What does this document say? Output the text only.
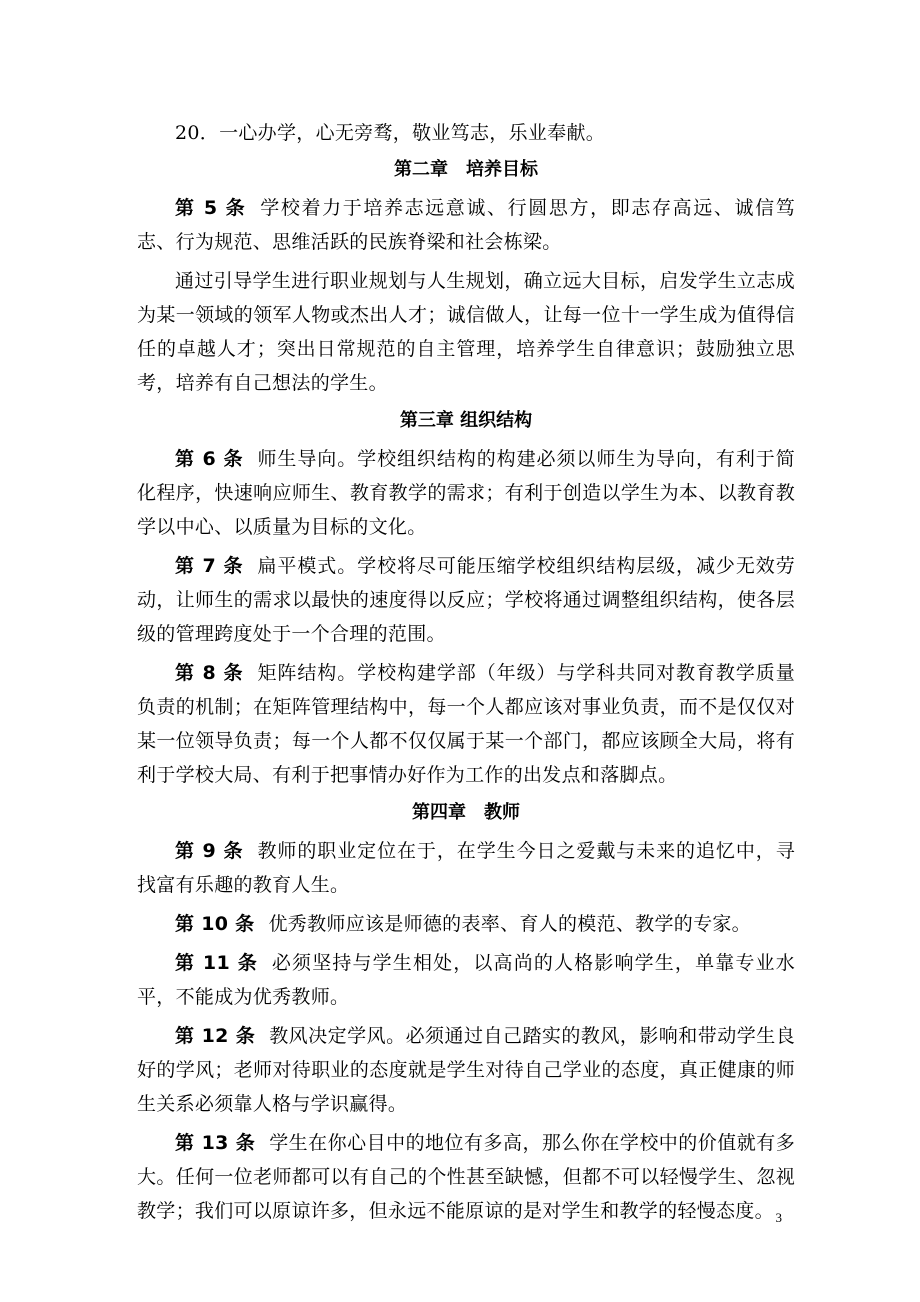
20．一心办学，心无旁骛，敬业笃志，乐业奉献。

第二章　培养目标

第 5 条 学校着力于培养志远意诚、行圆思方，即志存高远、诚信笃志、行为规范、思维活跃的民族脊梁和社会栋梁。

通过引导学生进行职业规划与人生规划，确立远大目标，启发学生立志成为某一领域的领军人物或杰出人才；诚信做人，让每一位十一学生成为值得信任的卓越人才；突出日常规范的自主管理，培养学生自律意识；鼓励独立思考，培养有自己想法的学生。

第三章 组织结构

第 6 条 师生导向。学校组织结构的构建必须以师生为导向，有利于简化程序，快速响应师生、教育教学的需求；有利于创造以学生为本、以教育教学以中心、以质量为目标的文化。

第 7 条 扁平模式。学校将尽可能压缩学校组织结构层级，减少无效劳动，让师生的需求以最快的速度得以反应；学校将通过调整组织结构，使各层级的管理跨度处于一个合理的范围。

第 8 条 矩阵结构。学校构建学部（年级）与学科共同对教育教学质量负责的机制；在矩阵管理结构中，每一个人都应该对事业负责，而不是仅仅对某一位领导负责；每一个人都不仅仅属于某一个部门，都应该顾全大局，将有利于学校大局、有利于把事情办好作为工作的出发点和落脚点。

第四章　教师

第 9 条 教师的职业定位在于，在学生今日之爱戴与未来的追忆中，寻找富有乐趣的教育人生。

第 10 条 优秀教师应该是师德的表率、育人的模范、教学的专家。

第 11 条 必须坚持与学生相处，以高尚的人格影响学生，单靠专业水平，不能成为优秀教师。

第 12 条 教风决定学风。必须通过自己踏实的教风，影响和带动学生良好的学风；老师对待职业的态度就是学生对待自己学业的态度，真正健康的师生关系必须靠人格与学识赢得。

第 13 条 学生在你心目中的地位有多高，那么你在学校中的价值就有多大。任何一位老师都可以有自己的个性甚至缺憾，但都不可以轻慢学生、忽视教学；我们可以原谅许多，但永远不能原谅的是对学生和教学的轻慢态度。 3
